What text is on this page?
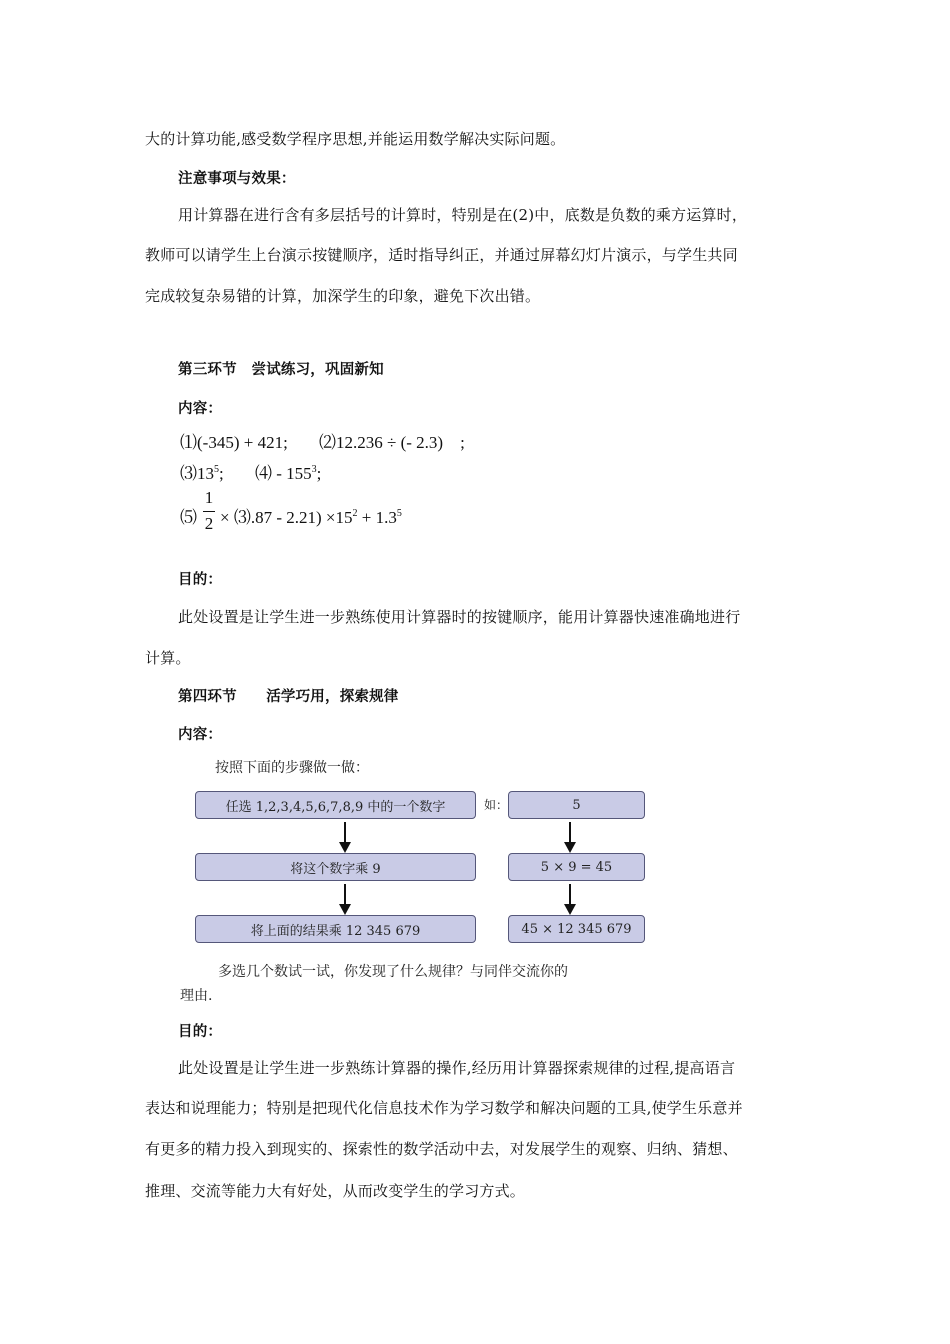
大的计算功能,感受数学程序思想,并能运用数学解决实际问题。
注意事项与效果：
用计算器在进行含有多层括号的计算时，特别是在(2)中，底数是负数的乘方运算时，
教师可以请学生上台演示按键顺序，适时指导纠正，并通过屏幕幻灯片演示，与学生共同
完成较复杂易错的计算，加深学生的印象，避免下次出错。
第三环节　尝试练习，巩固新知
内容：
⑴(-345) + 421; ⑵12.236 ÷ (- 2.3)　;
$⑶13^5$; ⑷ - $155^3$;
⑸
1
2 × ⑶.87 - $2.21) \times 15^2 + 1.3^5$
目的：
此处设置是让学生进一步熟练使用计算器时的按键顺序，能用计算器快速准确地进行
计算。
第四环节　　活学巧用，探索规律
内容：
按照下面的步骤做一做：
任选 1,2,3,4,5,6,7,8,9 中的一个数字
将这个数字乘 9
将上面的结果乘 12 345 679
如：	5
5 × 9 = 45
45 × 12 345 679
多选几个数试一试，你发现了什么规律？与同伴交流你的
理由.
目的：
此处设置是让学生进一步熟练计算器的操作,经历用计算器探索规律的过程,提高语言
表达和说理能力；特别是把现代化信息技术作为学习数学和解决问题的工具,使学生乐意并
有更多的精力投入到现实的、探索性的数学活动中去，对发展学生的观察、归纳、猜想、
推理、交流等能力大有好处，从而改变学生的学习方式。
